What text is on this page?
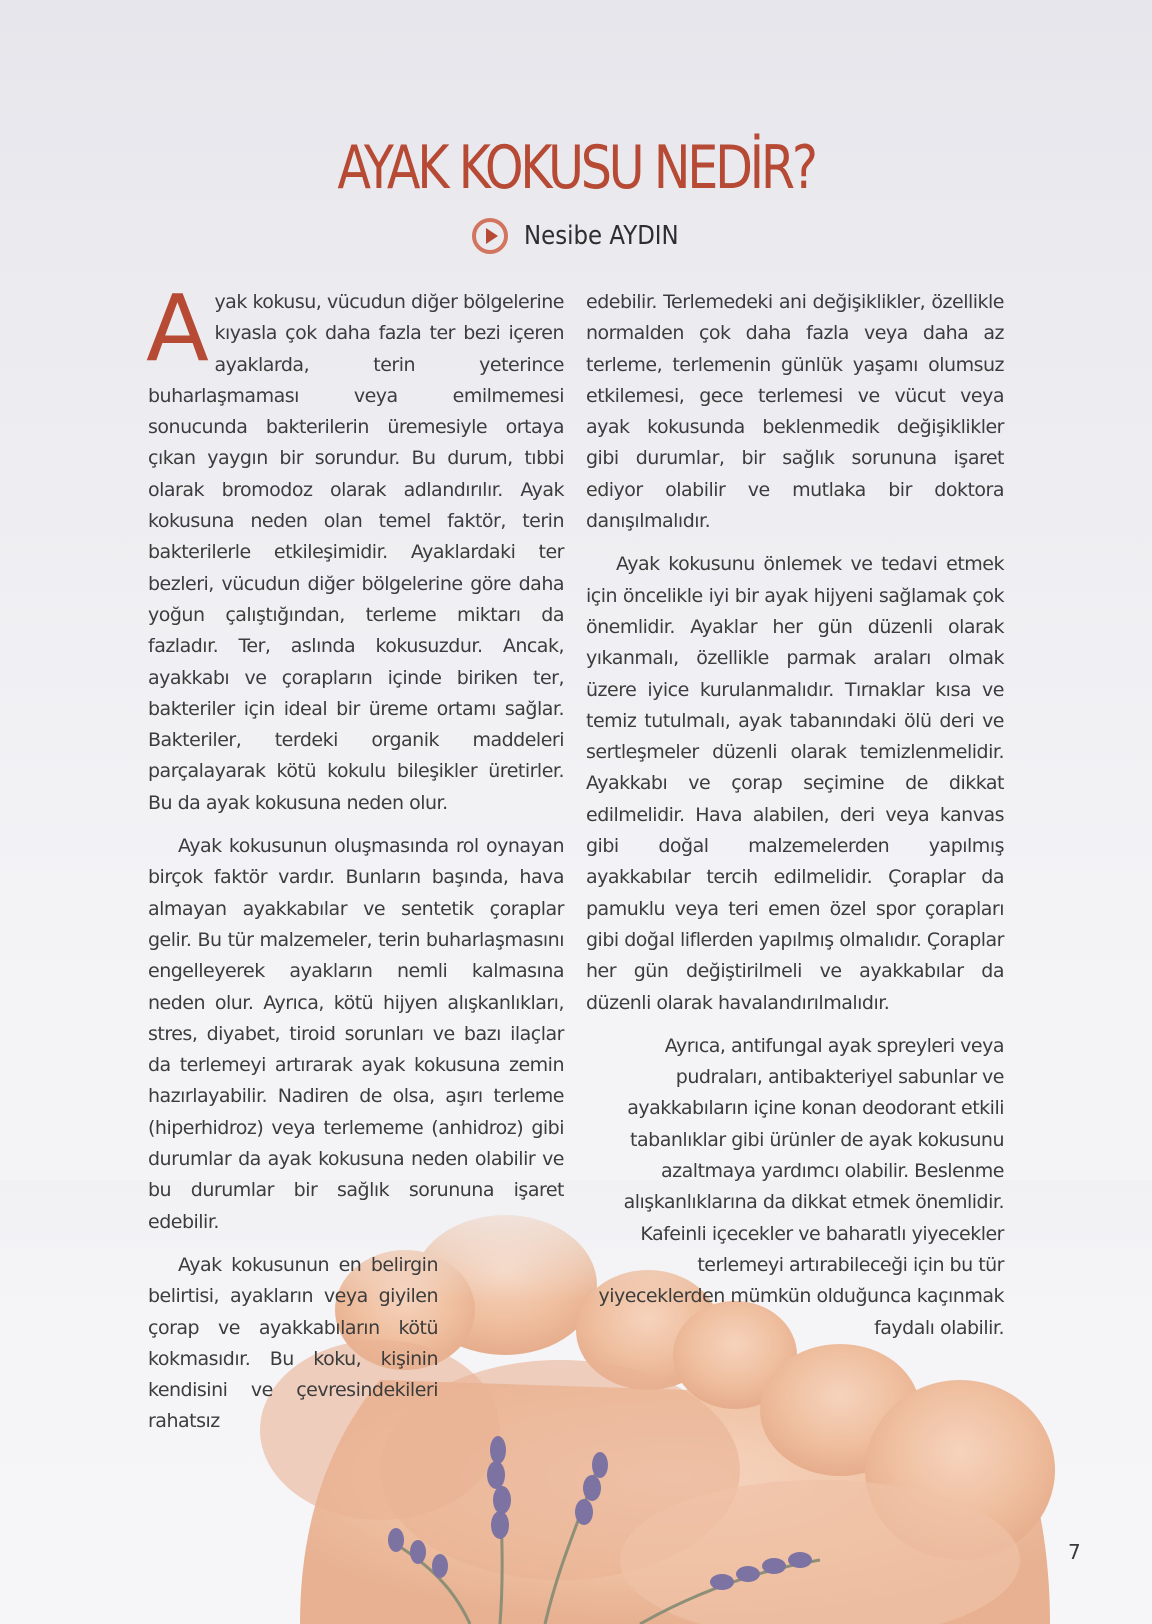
AYAK KOKUSU NEDİR?
Nesibe AYDIN

Ayak kokusu, vücudun diğer bölgelerine kıyasla çok daha fazla ter bezi içeren ayaklarda, terin yeterince buharlaşmaması veya emilmemesi sonucunda bakterilerin üremesiyle ortaya çıkan yaygın bir sorundur. Bu durum, tıbbi olarak bromodoz olarak adlandırılır. Ayak kokusuna neden olan temel faktör, terin bakterilerle etkileşimidir. Ayaklardaki ter bezleri, vücudun diğer bölgelerine göre daha yoğun çalıştığından, terleme miktarı da fazladır. Ter, aslında kokusuzdur. Ancak, ayakkabı ve çorapların içinde biriken ter, bakteriler için ideal bir üreme ortamı sağlar. Bakteriler, terdeki organik maddeleri parçalayarak kötü kokulu bileşikler üretirler. Bu da ayak kokusuna neden olur.

Ayak kokusunun oluşmasında rol oynayan birçok faktör vardır. Bunların başında, hava almayan ayakkabılar ve sentetik çoraplar gelir. Bu tür malzemeler, terin buharlaşmasını engelleyerek ayakların nemli kalmasına neden olur. Ayrıca, kötü hijyen alışkanlıkları, stres, diyabet, tiroid sorunları ve bazı ilaçlar da terlemeyi artırarak ayak kokusuna zemin hazırlayabilir. Nadiren de olsa, aşırı terleme (hiperhidroz) veya terlememe (anhidroz) gibi durumlar da ayak kokusuna neden olabilir ve bu durumlar bir sağlık sorununa işaret edebilir.

Ayak kokusunun en belirgin belirtisi, ayakların veya giyilen çorap ve ayakkabıların kötü kokmasıdır. Bu koku, kişinin kendisini ve çevresindekileri rahatsız

edebilir. Terlemedeki ani değişiklikler, özellikle normalden çok daha fazla veya daha az terleme, terlemenin günlük yaşamı olumsuz etkilemesi, gece terlemesi ve vücut veya ayak kokusunda beklenmedik değişiklikler gibi durumlar, bir sağlık sorununa işaret ediyor olabilir ve mutlaka bir doktora danışılmalıdır.

Ayak kokusunu önlemek ve tedavi etmek için öncelikle iyi bir ayak hijyeni sağlamak çok önemlidir. Ayaklar her gün düzenli olarak yıkanmalı, özellikle parmak araları olmak üzere iyice kurulanmalıdır. Tırnaklar kısa ve temiz tutulmalı, ayak tabanındaki ölü deri ve sertleşmeler düzenli olarak temizlenmelidir. Ayakkabı ve çorap seçimine de dikkat edilmelidir. Hava alabilen, deri veya kanvas gibi doğal malzemelerden yapılmış ayakkabılar tercih edilmelidir. Çoraplar da pamuklu veya teri emen özel spor çorapları gibi doğal liflerden yapılmış olmalıdır. Çoraplar her gün değiştirilmeli ve ayakkabılar da düzenli olarak havalandırılmalıdır.

Ayrıca, antifungal ayak spreyleri veya pudraları, antibakteriyel sabunlar ve ayakkabıların içine konan deodorant etkili tabanlıklar gibi ürünler de ayak kokusunu azaltmaya yardımcı olabilir. Beslenme alışkanlıklarına da dikkat etmek önemlidir. Kafeinli içecekler ve baharatlı yiyecekler terlemeyi artırabileceği için bu tür yiyeceklerden mümkün olduğunca kaçınmak faydalı olabilir.

7
